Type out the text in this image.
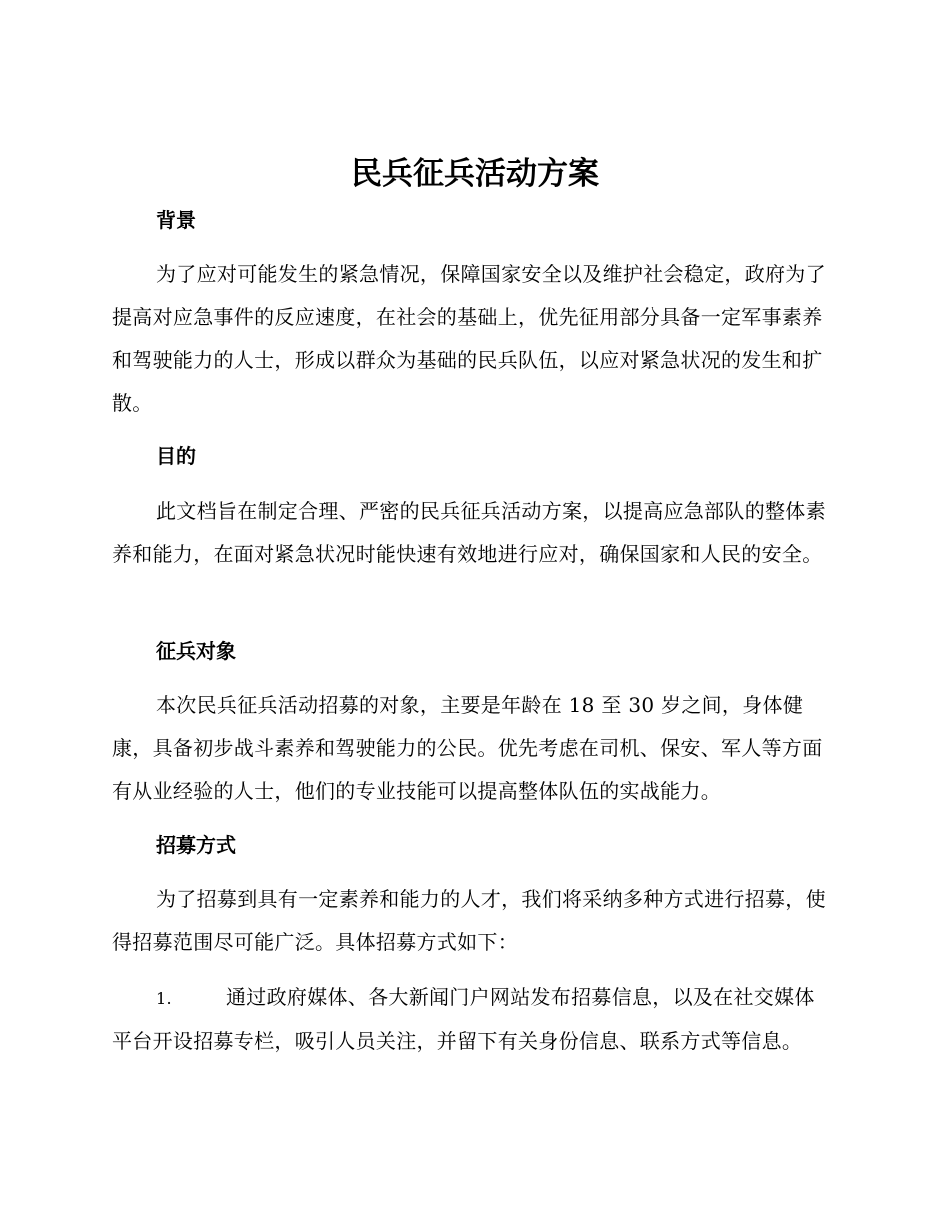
民兵征兵活动方案
背景
为了应对可能发生的紧急情况，保障国家安全以及维护社会稳定，政府为了提高对应急事件的反应速度，在社会的基础上，优先征用部分具备一定军事素养和驾驶能力的人士，形成以群众为基础的民兵队伍，以应对紧急状况的发生和扩散。
目的
此文档旨在制定合理、严密的民兵征兵活动方案，以提高应急部队的整体素养和能力，在面对紧急状况时能快速有效地进行应对，确保国家和人民的安全。
征兵对象
本次民兵征兵活动招募的对象，主要是年龄在 18 至 30 岁之间，身体健康，具备初步战斗素养和驾驶能力的公民。优先考虑在司机、保安、军人等方面有从业经验的人士，他们的专业技能可以提高整体队伍的实战能力。
招募方式
为了招募到具有一定素养和能力的人才，我们将采纳多种方式进行招募，使得招募范围尽可能广泛。具体招募方式如下：
1.	通过政府媒体、各大新闻门户网站发布招募信息，以及在社交媒体平台开设招募专栏，吸引人员关注，并留下有关身份信息、联系方式等信息。
